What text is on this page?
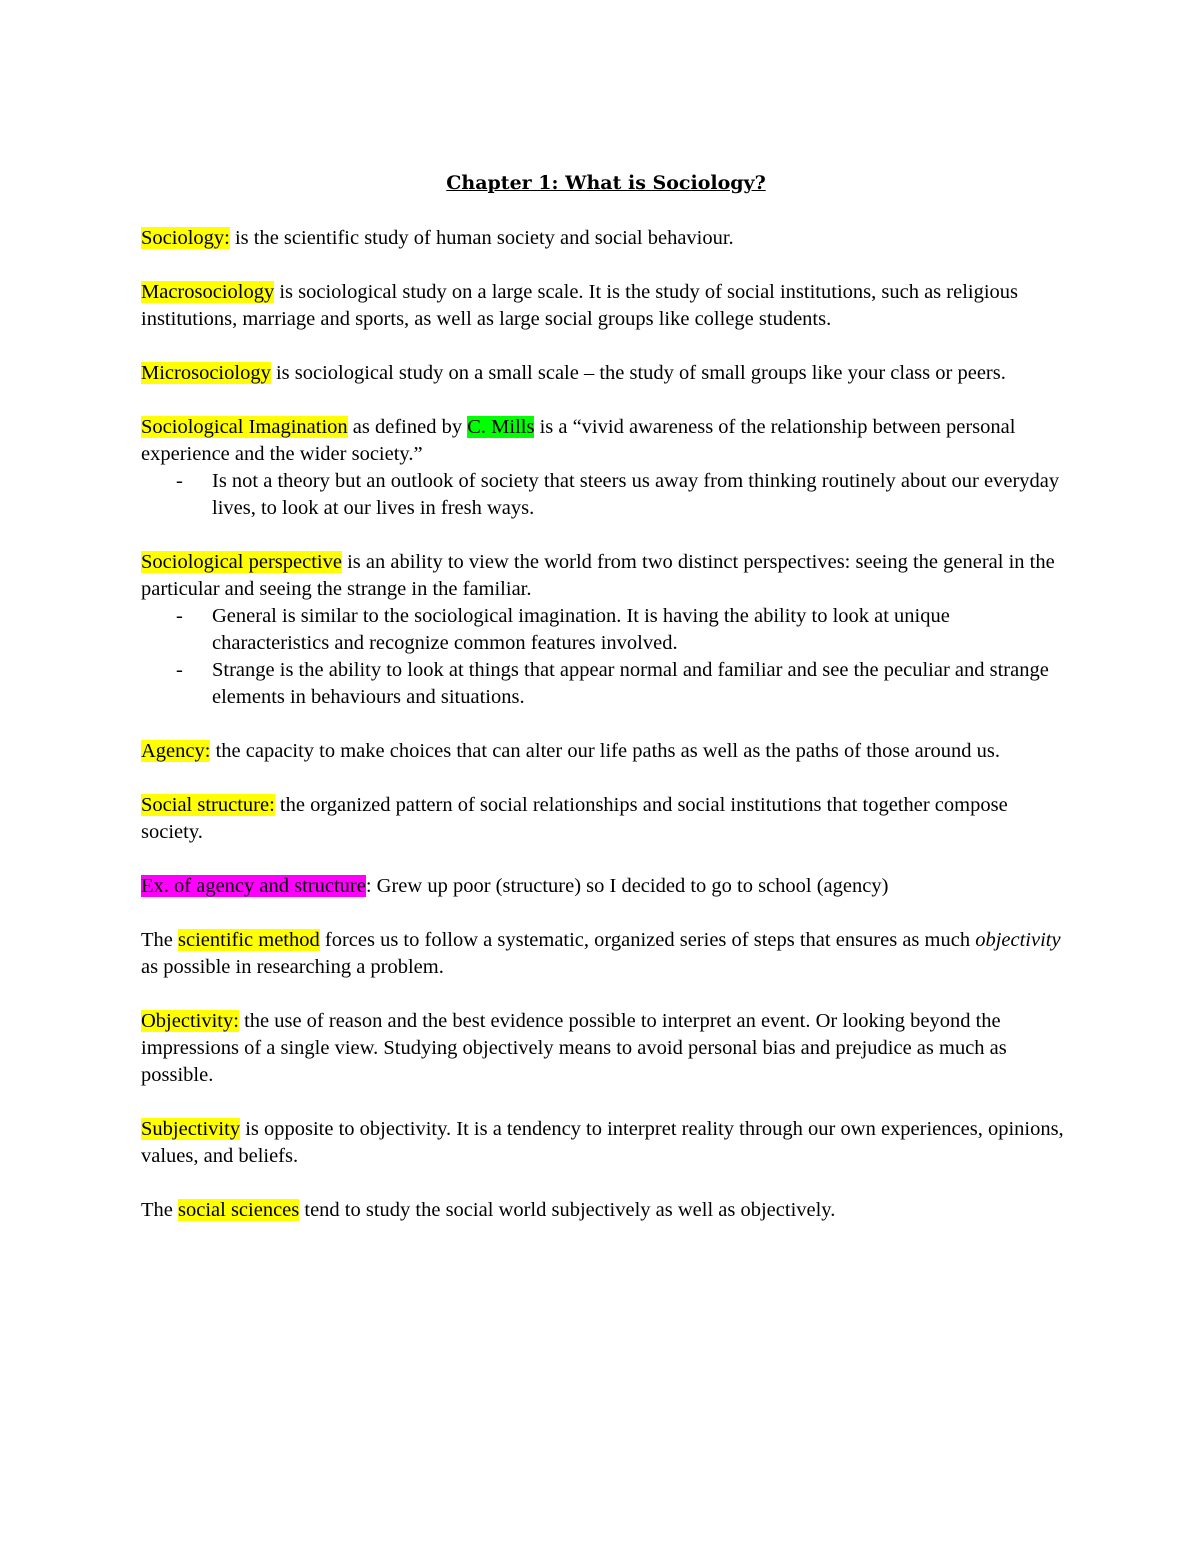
Chapter 1: What is Sociology?

Sociology: is the scientific study of human society and social behaviour.

Macrosociology is sociological study on a large scale. It is the study of social institutions, such as religious institutions, marriage and sports, as well as large social groups like college students.

Microsociology is sociological study on a small scale – the study of small groups like your class or peers.

Sociological Imagination as defined by C. Mills is a “vivid awareness of the relationship between personal experience and the wider society.”

- Is not a theory but an outlook of society that steers us away from thinking routinely about our everyday lives, to look at our lives in fresh ways.

Sociological perspective is an ability to view the world from two distinct perspectives: seeing the general in the particular and seeing the strange in the familiar.

- General is similar to the sociological imagination. It is having the ability to look at unique characteristics and recognize common features involved.
- Strange is the ability to look at things that appear normal and familiar and see the peculiar and strange elements in behaviours and situations.

Agency: the capacity to make choices that can alter our life paths as well as the paths of those around us.

Social structure: the organized pattern of social relationships and social institutions that together compose society.

Ex. of agency and structure: Grew up poor (structure) so I decided to go to school (agency)

The scientific method forces us to follow a systematic, organized series of steps that ensures as much objectivity as possible in researching a problem.

Objectivity: the use of reason and the best evidence possible to interpret an event. Or looking beyond the impressions of a single view. Studying objectively means to avoid personal bias and prejudice as much as possible.

Subjectivity is opposite to objectivity. It is a tendency to interpret reality through our own experiences, opinions, values, and beliefs.

The social sciences tend to study the social world subjectively as well as objectively.
